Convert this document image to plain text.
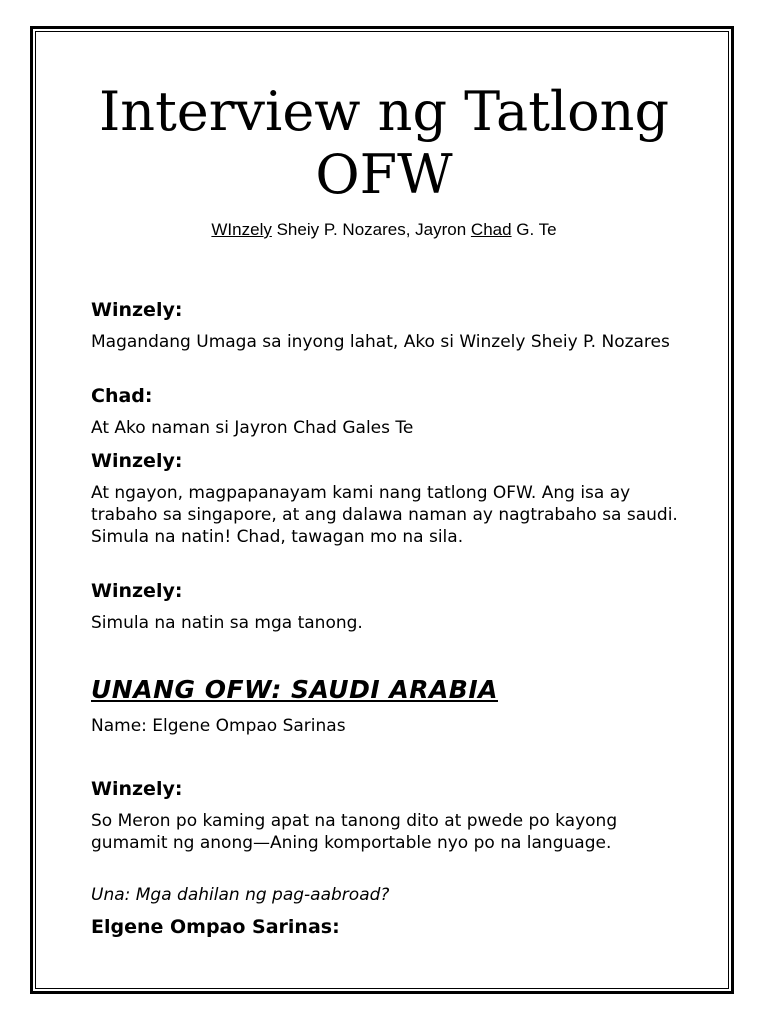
Interview ng Tatlong
OFW
WInzely Sheiy P. Nozares, Jayron Chad G. Te
Winzely:
Magandang Umaga sa inyong lahat, Ako si Winzely Sheiy P. Nozares
Chad:
At Ako naman si Jayron Chad Gales Te
Winzely:
At ngayon, magpapanayam kami nang tatlong OFW. Ang isa ay trabaho sa singapore, at ang dalawa naman ay nagtrabaho sa saudi. Simula na natin! Chad, tawagan mo na sila.
Winzely:
Simula na natin sa mga tanong.
UNANG OFW: SAUDI ARABIA
Name: Elgene Ompao Sarinas
Winzely:
So Meron po kaming apat na tanong dito at pwede po kayong gumamit ng anong—Aning komportable nyo po na language.
Una: Mga dahilan ng pag-aabroad?
Elgene Ompao Sarinas:
